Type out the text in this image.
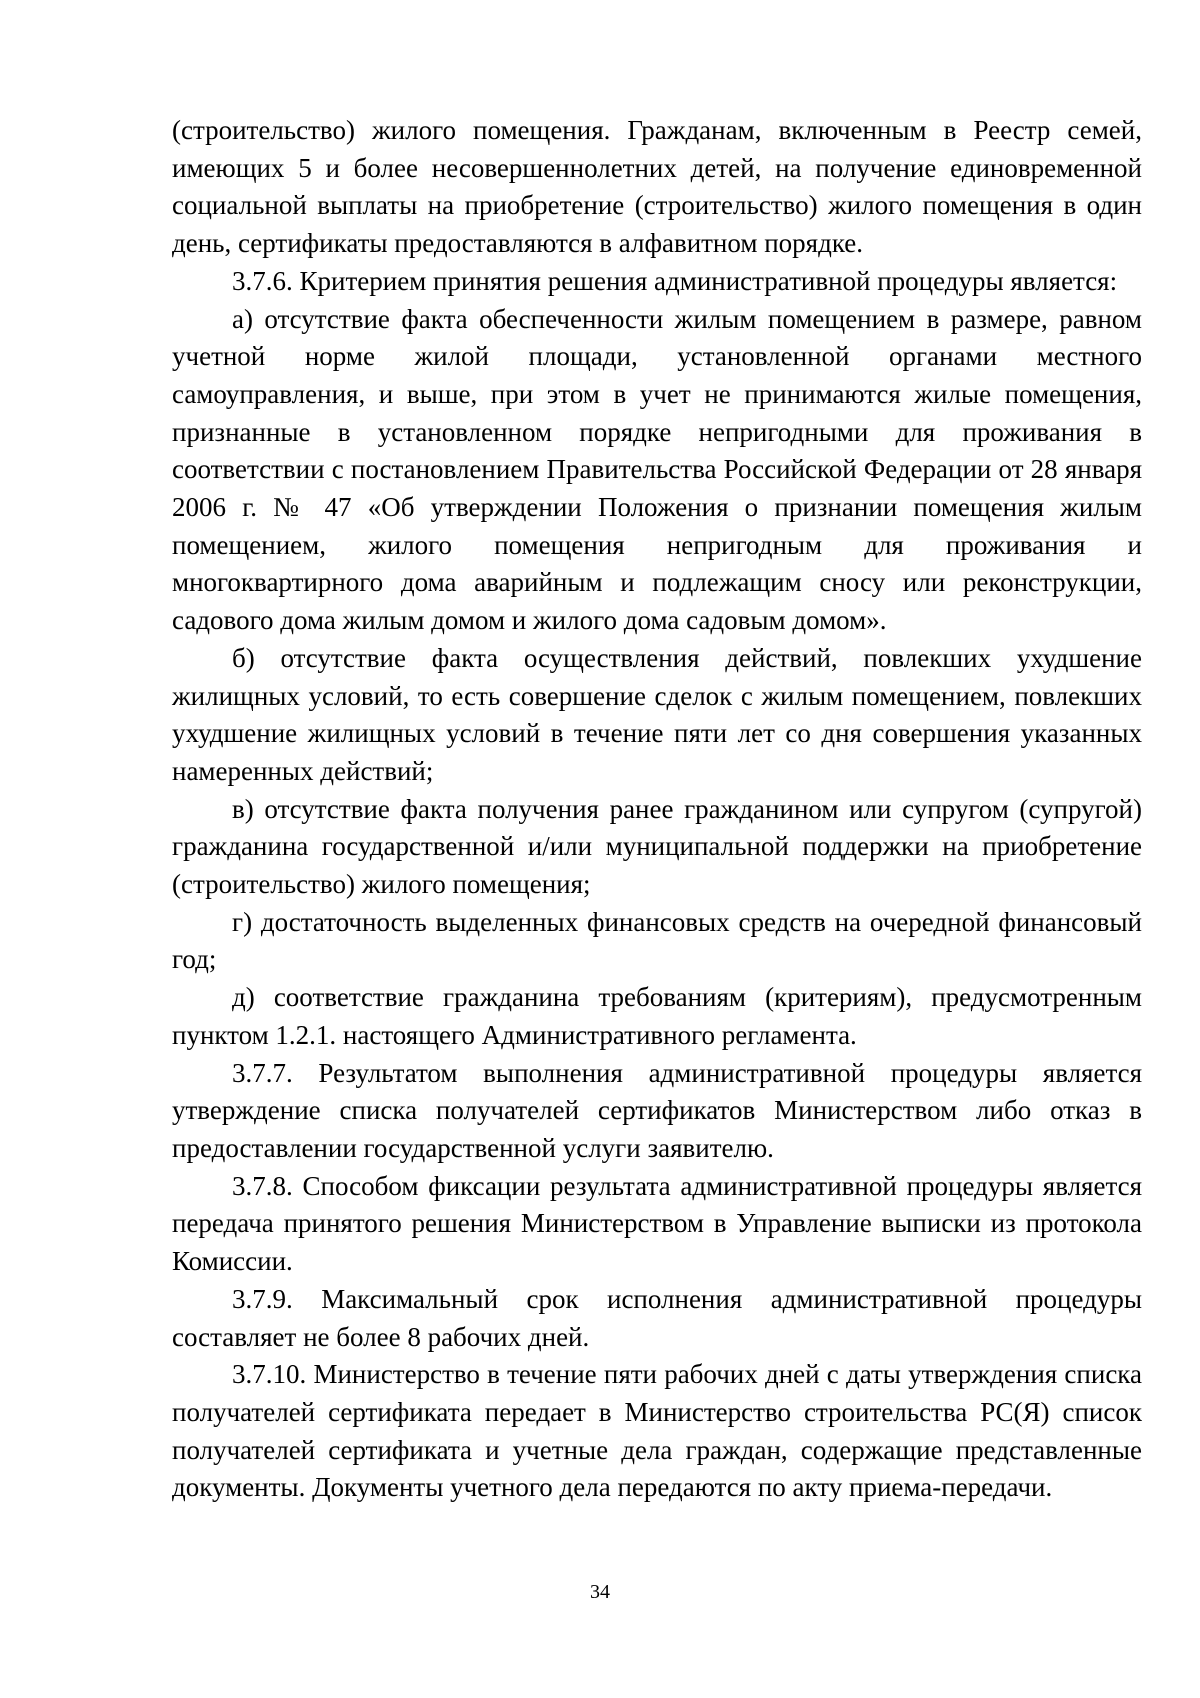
(строительство) жилого помещения. Гражданам, включенным в Реестр семей, имеющих 5 и более несовершеннолетних детей, на получение единовременной социальной выплаты на приобретение (строительство) жилого помещения в один день, сертификаты предоставляются в алфавитном порядке.

3.7.6. Критерием принятия решения административной процедуры является:

а) отсутствие факта обеспеченности жилым помещением в размере, равном учетной норме жилой площади, установленной органами местного самоуправления, и выше, при этом в учет не принимаются жилые помещения, признанные в установленном порядке непригодными для проживания в соответствии с постановлением Правительства Российской Федерации от 28 января 2006 г. № 47 «Об утверждении Положения о признании помещения жилым помещением, жилого помещения непригодным для проживания и многоквартирного дома аварийным и подлежащим сносу или реконструкции, садового дома жилым домом и жилого дома садовым домом».

б) отсутствие факта осуществления действий, повлекших ухудшение жилищных условий, то есть совершение сделок с жилым помещением, повлекших ухудшение жилищных условий в течение пяти лет со дня совершения указанных намеренных действий;

в) отсутствие факта получения ранее гражданином или супругом (супругой) гражданина государственной и/или муниципальной поддержки на приобретение (строительство) жилого помещения;

г) достаточность выделенных финансовых средств на очередной финансовый год;

д) соответствие гражданина требованиям (критериям), предусмотренным пунктом 1.2.1. настоящего Административного регламента.

3.7.7. Результатом выполнения административной процедуры является утверждение списка получателей сертификатов Министерством либо отказ в предоставлении государственной услуги заявителю.

3.7.8. Способом фиксации результата административной процедуры является передача принятого решения Министерством в Управление выписки из протокола Комиссии.

3.7.9. Максимальный срок исполнения административной процедуры составляет не более 8 рабочих дней.

3.7.10. Министерство в течение пяти рабочих дней с даты утверждения списка получателей сертификата передает в Министерство строительства РС(Я) список получателей сертификата и учетные дела граждан, содержащие представленные документы. Документы учетного дела передаются по акту приема-передачи.

34
